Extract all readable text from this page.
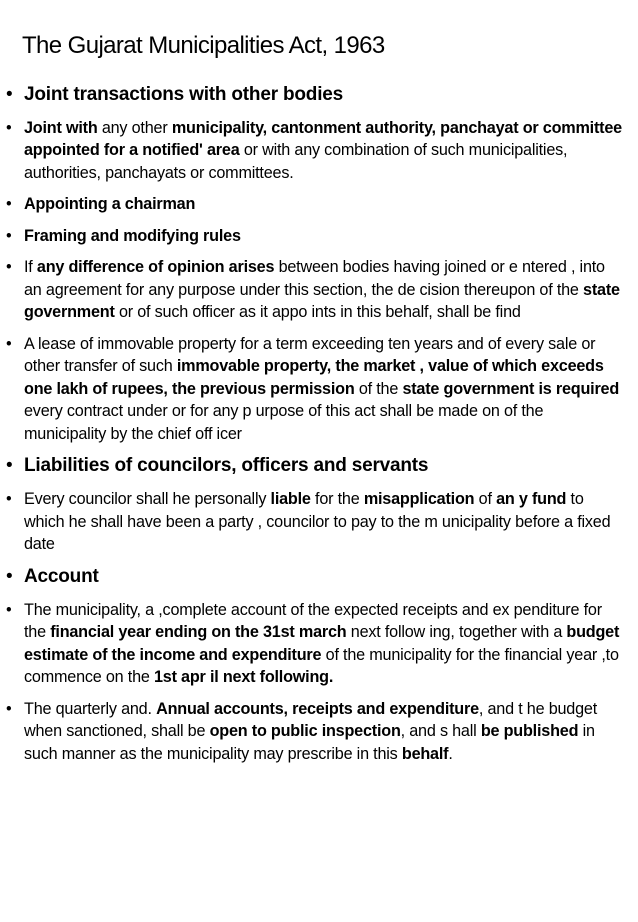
The Gujarat Municipalities Act, 1963
• Joint transactions with other bodies
• Joint with any other municipality, cantonment authority, panchayat or committee appointed for a notified' area or with any combination of such municipalities, authorities, panchayats or committees.
• Appointing a chairman
• Framing and modifying rules
• If any difference of opinion arises between bodies having joined or e ntered , into an agreement for any purpose under this section, the de cision thereupon of the state government or of such officer as it appo ints in this behalf, shall be find
• A lease of immovable property for a term exceeding ten years and of every sale or other transfer of such immovable property, the market , value of which exceeds one lakh of rupees, the previous permission of the state government is required every contract under or for any p urpose of this act shall be made on of the municipality by the chief off icer
• Liabilities of councilors, officers and servants
• Every councilor shall he personally liable for the misapplication of an y fund to which he shall have been a party , councilor to pay to the m unicipality before a fixed date
• Account
• The municipality, a ,complete account of the expected receipts and ex penditure for the financial year ending on the 31st march next follow ing, together with a budget estimate of the income and expenditure of the municipality for the financial year ,to commence on the 1st apr il next following.
• The quarterly and. Annual accounts, receipts and expenditure, and t he budget when sanctioned, shall be open to public inspection, and s hall be published in such manner as the municipality may prescribe in this behalf.
